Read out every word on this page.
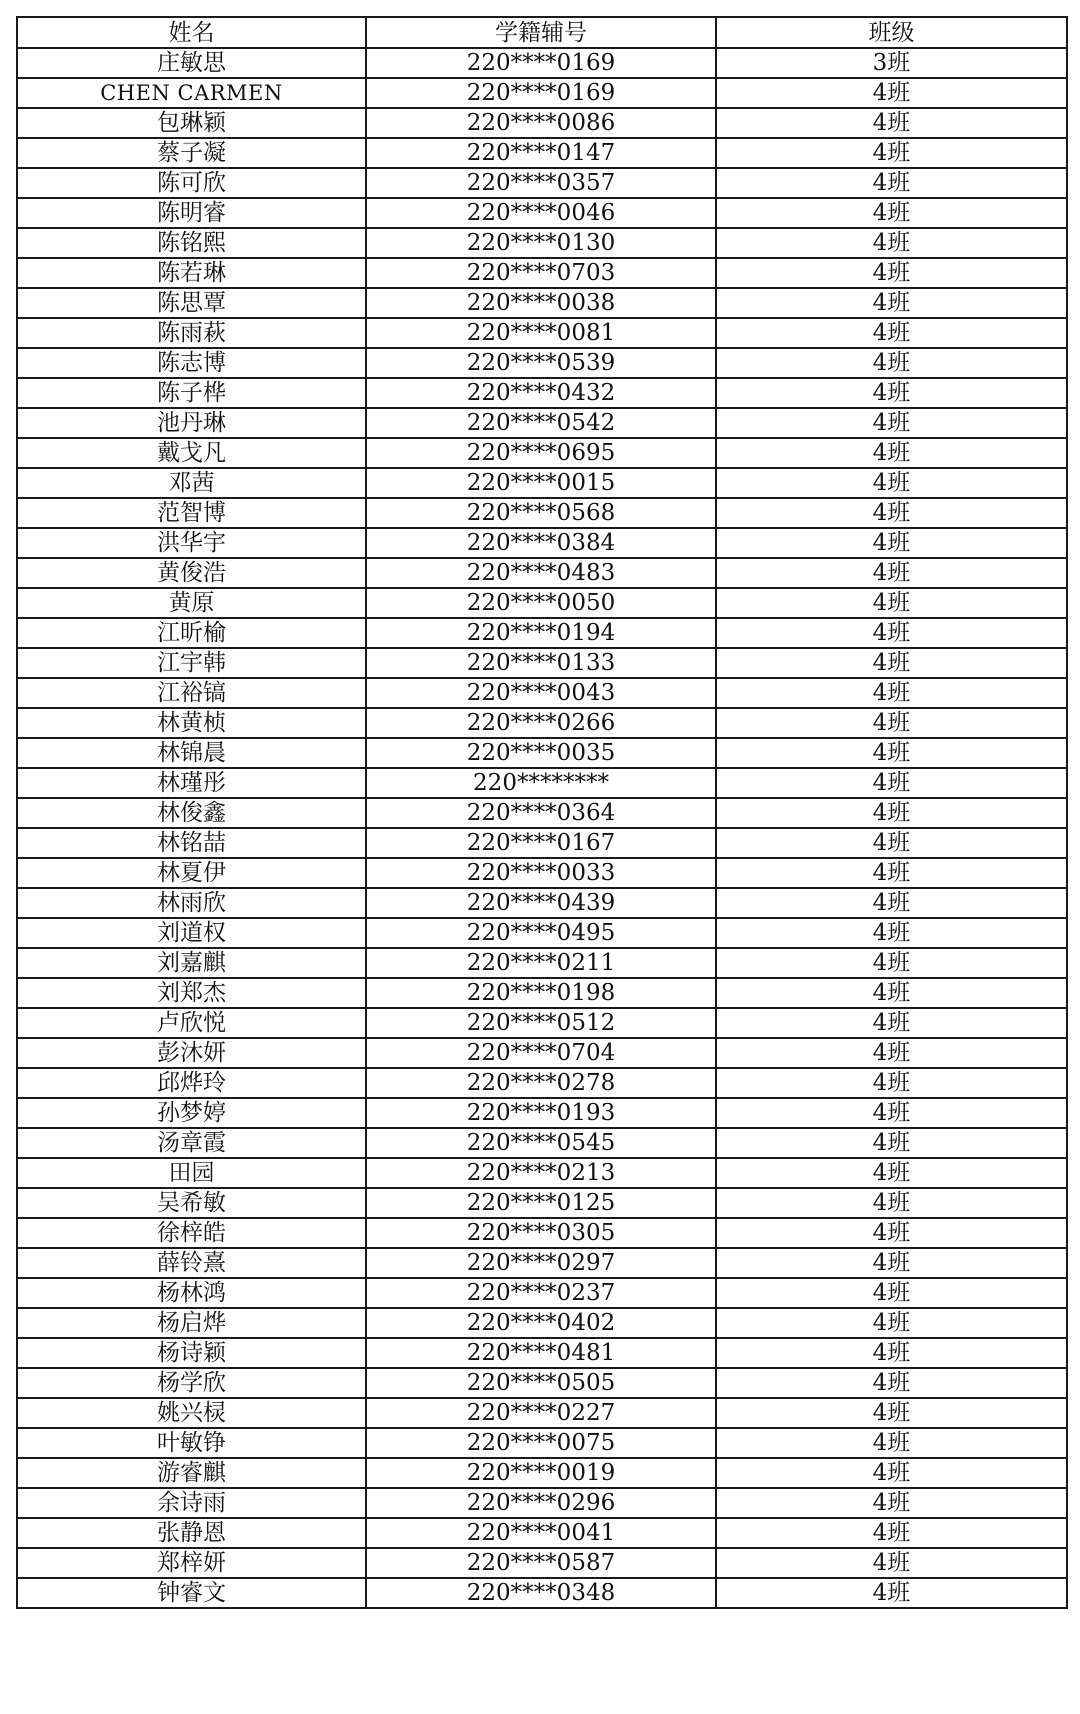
姓名	学籍辅号	班级
庄敏思	220****0169	3班
CHEN CARMEN	220****0169	4班
包琳颖	220****0086	4班
蔡子凝	220****0147	4班
陈可欣	220****0357	4班
陈明睿	220****0046	4班
陈铭熙	220****0130	4班
陈若琳	220****0703	4班
陈思覃	220****0038	4班
陈雨萩	220****0081	4班
陈志博	220****0539	4班
陈子桦	220****0432	4班
池丹琳	220****0542	4班
戴戈凡	220****0695	4班
邓茜	220****0015	4班
范智博	220****0568	4班
洪华宇	220****0384	4班
黄俊浩	220****0483	4班
黄原	220****0050	4班
江昕榆	220****0194	4班
江宇韩	220****0133	4班
江裕镐	220****0043	4班
林黄桢	220****0266	4班
林锦晨	220****0035	4班
林瑾彤	220********	4班
林俊鑫	220****0364	4班
林铭喆	220****0167	4班
林夏伊	220****0033	4班
林雨欣	220****0439	4班
刘道权	220****0495	4班
刘嘉麒	220****0211	4班
刘郑杰	220****0198	4班
卢欣悦	220****0512	4班
彭沐妍	220****0704	4班
邱烨玲	220****0278	4班
孙梦婷	220****0193	4班
汤章霞	220****0545	4班
田园	220****0213	4班
吴希敏	220****0125	4班
徐梓皓	220****0305	4班
薛铃熹	220****0297	4班
杨林鸿	220****0237	4班
杨启烨	220****0402	4班
杨诗颖	220****0481	4班
杨学欣	220****0505	4班
姚兴棂	220****0227	4班
叶敏铮	220****0075	4班
游睿麒	220****0019	4班
余诗雨	220****0296	4班
张静恩	220****0041	4班
郑梓妍	220****0587	4班
钟睿文	220****0348	4班
